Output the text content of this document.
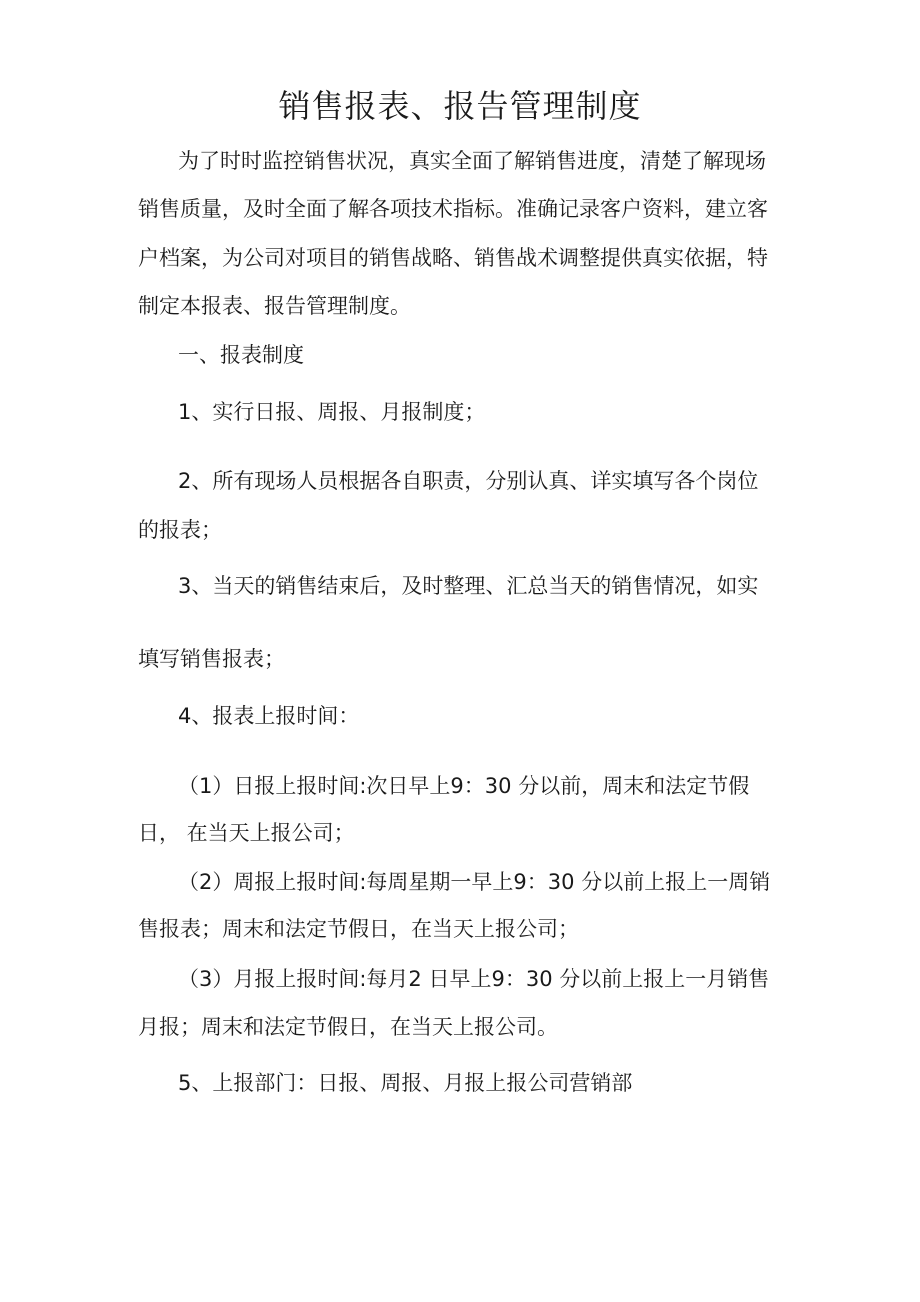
销售报表、报告管理制度

为了时时监控销售状况，真实全面了解销售进度，清楚了解现场

销售质量，及时全面了解各项技术指标。准确记录客户资料，建立客

户档案，为公司对项目的销售战略、销售战术调整提供真实依据，特

制定本报表、报告管理制度。

一、报表制度

1、实行日报、周报、月报制度；

2、所有现场人员根据各自职责，分别认真、详实填写各个岗位

的报表；

3、当天的销售结束后，及时整理、汇总当天的销售情况，如实

填写销售报表；

4、报表上报时间：

（1）日报上报时间:次日早上9：30 分以前，周末和法定节假

日， 在当天上报公司；

（2）周报上报时间:每周星期一早上9：30 分以前上报上一周销

售报表；周末和法定节假日，在当天上报公司；

（3）月报上报时间:每月2 日早上9：30 分以前上报上一月销售

月报；周末和法定节假日，在当天上报公司。

5、上报部门：日报、周报、月报上报公司营销部
